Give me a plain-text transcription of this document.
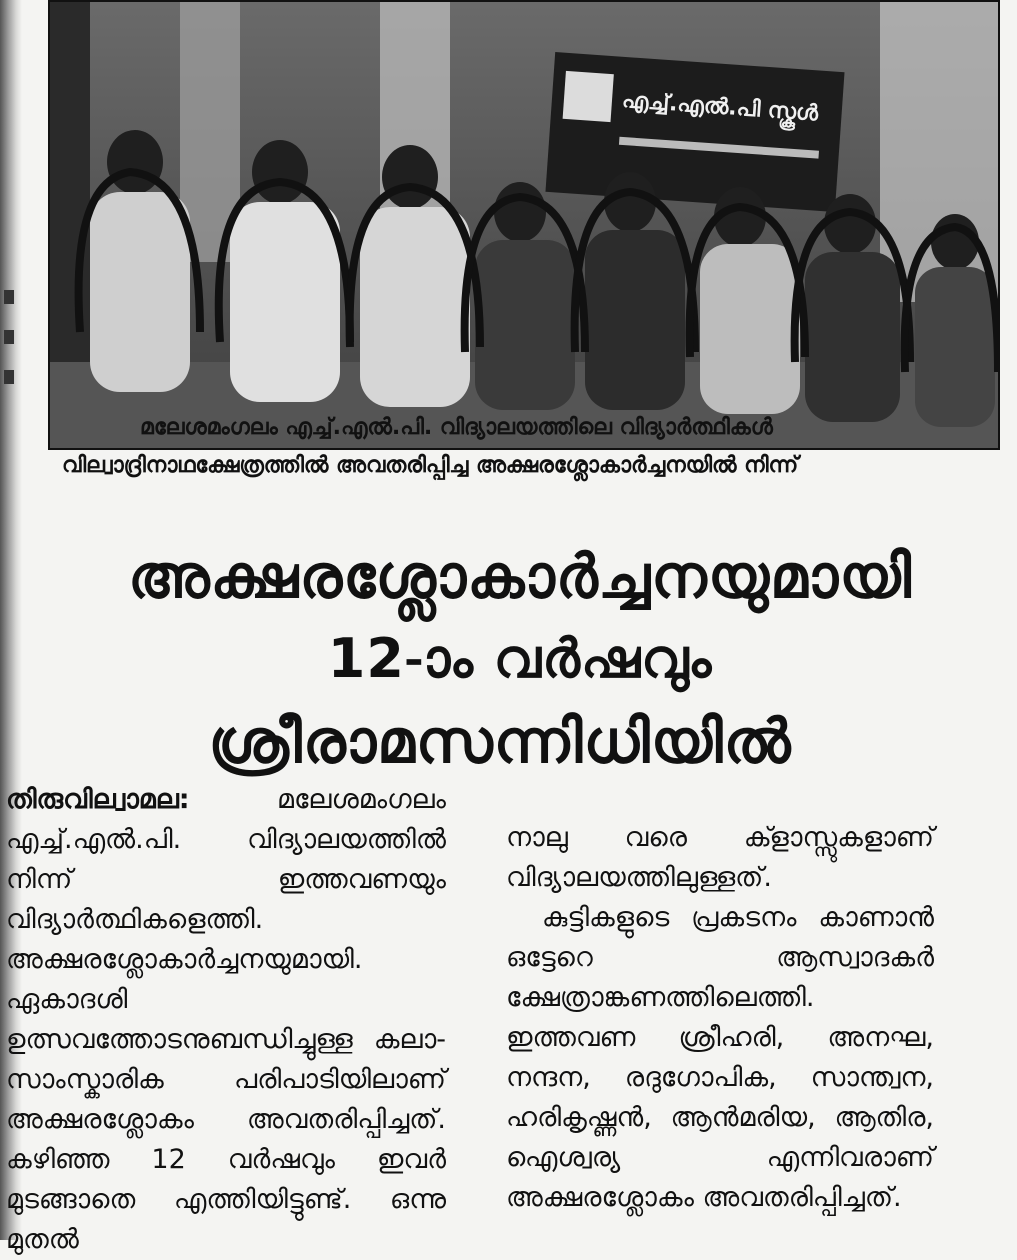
എച്ച്.എൽ.പി സ്കൂൾ
മലേശമംഗലം എച്ച്.എൽ.പി. വിദ്യാലയത്തിലെ വിദ്യാർത്ഥികൾ
വില്വാദ്രിനാഥക്ഷേത്രത്തിൽ അവതരിപ്പിച്ച അക്ഷരശ്ലോകാർച്ചനയിൽ നിന്ന്
അക്ഷരശ്ലോകാർച്ചനയുമായി
12-ാം വർഷവും
ശ്രീരാമസന്നിധിയിൽ

തിരുവില്വാമല:	മലേശമംഗലം എച്ച്.എൽ.പി. വിദ്യാലയത്തിൽ നിന്ന് ഇത്തവണയും വിദ്യാർത്ഥികളെത്തി. അക്ഷരശ്ലോകാർച്ചനയുമായി. ഏകാദശി ഉത്സവത്തോടനുബന്ധിച്ചുള്ള കലാ-സാംസ്കാരിക പരിപാടിയിലാണ് അക്ഷരശ്ലോകം അവതരിപ്പിച്ചത്. കഴിഞ്ഞ 12 വർഷവും ഇവർ മുടങ്ങാതെ എത്തിയിട്ടുണ്ട്. ഒന്നു മുതൽ

നാലു വരെ ക്ളാസ്സുകളാണ് വിദ്യാലയത്തിലുള്ളത്.

കുട്ടികളുടെ പ്രകടനം കാണാൻ ഒട്ടേറെ ആസ്വാദകർ ക്ഷേത്രാങ്കണത്തിലെത്തി. ഇത്തവണ ശ്രീഹരി, അനഘ, നന്ദന, രദുഗോപിക, സാന്ത്വന, ഹരികൃഷ്ണൻ, ആൻമരിയ, ആതിര, ഐശ്വര്യ എന്നിവരാണ് അക്ഷരശ്ലോകം അവതരിപ്പിച്ചത്.
